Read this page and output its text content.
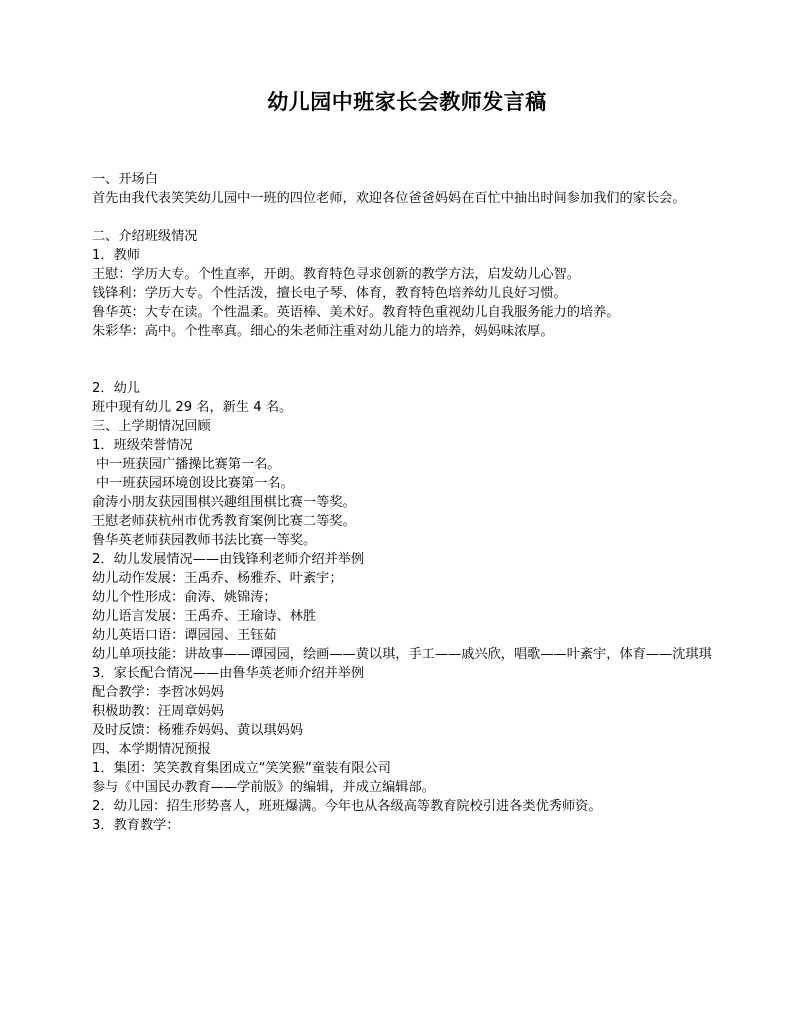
幼儿园中班家长会教师发言稿
一、开场白
首先由我代表笑笑幼儿园中一班的四位老师，欢迎各位爸爸妈妈在百忙中抽出时间参加我们的家长会。
二、介绍班级情况
1．教师
王慰：学历大专。个性直率，开朗。教育特色寻求创新的教学方法，启发幼儿心智。
钱锋利：学历大专。个性活泼，擅长电子琴、体育，教育特色培养幼儿良好习惯。
鲁华英：大专在读。个性温柔。英语棒、美术好。教育特色重视幼儿自我服务能力的培养。
朱彩华：高中。个性率真。细心的朱老师注重对幼儿能力的培养，妈妈味浓厚。
2．幼儿
班中现有幼儿 29 名，新生 4 名。
三、上学期情况回顾
1．班级荣誉情况
中一班获园广播操比赛第一名。
中一班获园环境创设比赛第一名。
俞涛小朋友获园围棋兴趣组围棋比赛一等奖。
王慰老师获杭州市优秀教育案例比赛二等奖。
鲁华英老师获园教师书法比赛一等奖。
2．幼儿发展情况——由钱锋利老师介绍并举例
幼儿动作发展：王禹乔、杨雅乔、叶紊宇；
幼儿个性形成：俞涛、姚锦涛；
幼儿语言发展：王禹乔、王瑜诗、林胜
幼儿英语口语：谭园园、王钰茹
幼儿单项技能：讲故事——谭园园，绘画——黄以琪，手工——戚兴欣，唱歌——叶紊宇，体育——沈琪琪
3．家长配合情况——由鲁华英老师介绍并举例
配合教学：李哲冰妈妈
积极助教：汪周章妈妈
及时反馈：杨雅乔妈妈、黄以琪妈妈
四、本学期情况预报
1．集团：笑笑教育集团成立“笑笑猴”童装有限公司
参与《中国民办教育——学前版》的编辑，并成立编辑部。
2．幼儿园：招生形势喜人，班班爆满。今年也从各级高等教育院校引进各类优秀师资。
3．教育教学：
